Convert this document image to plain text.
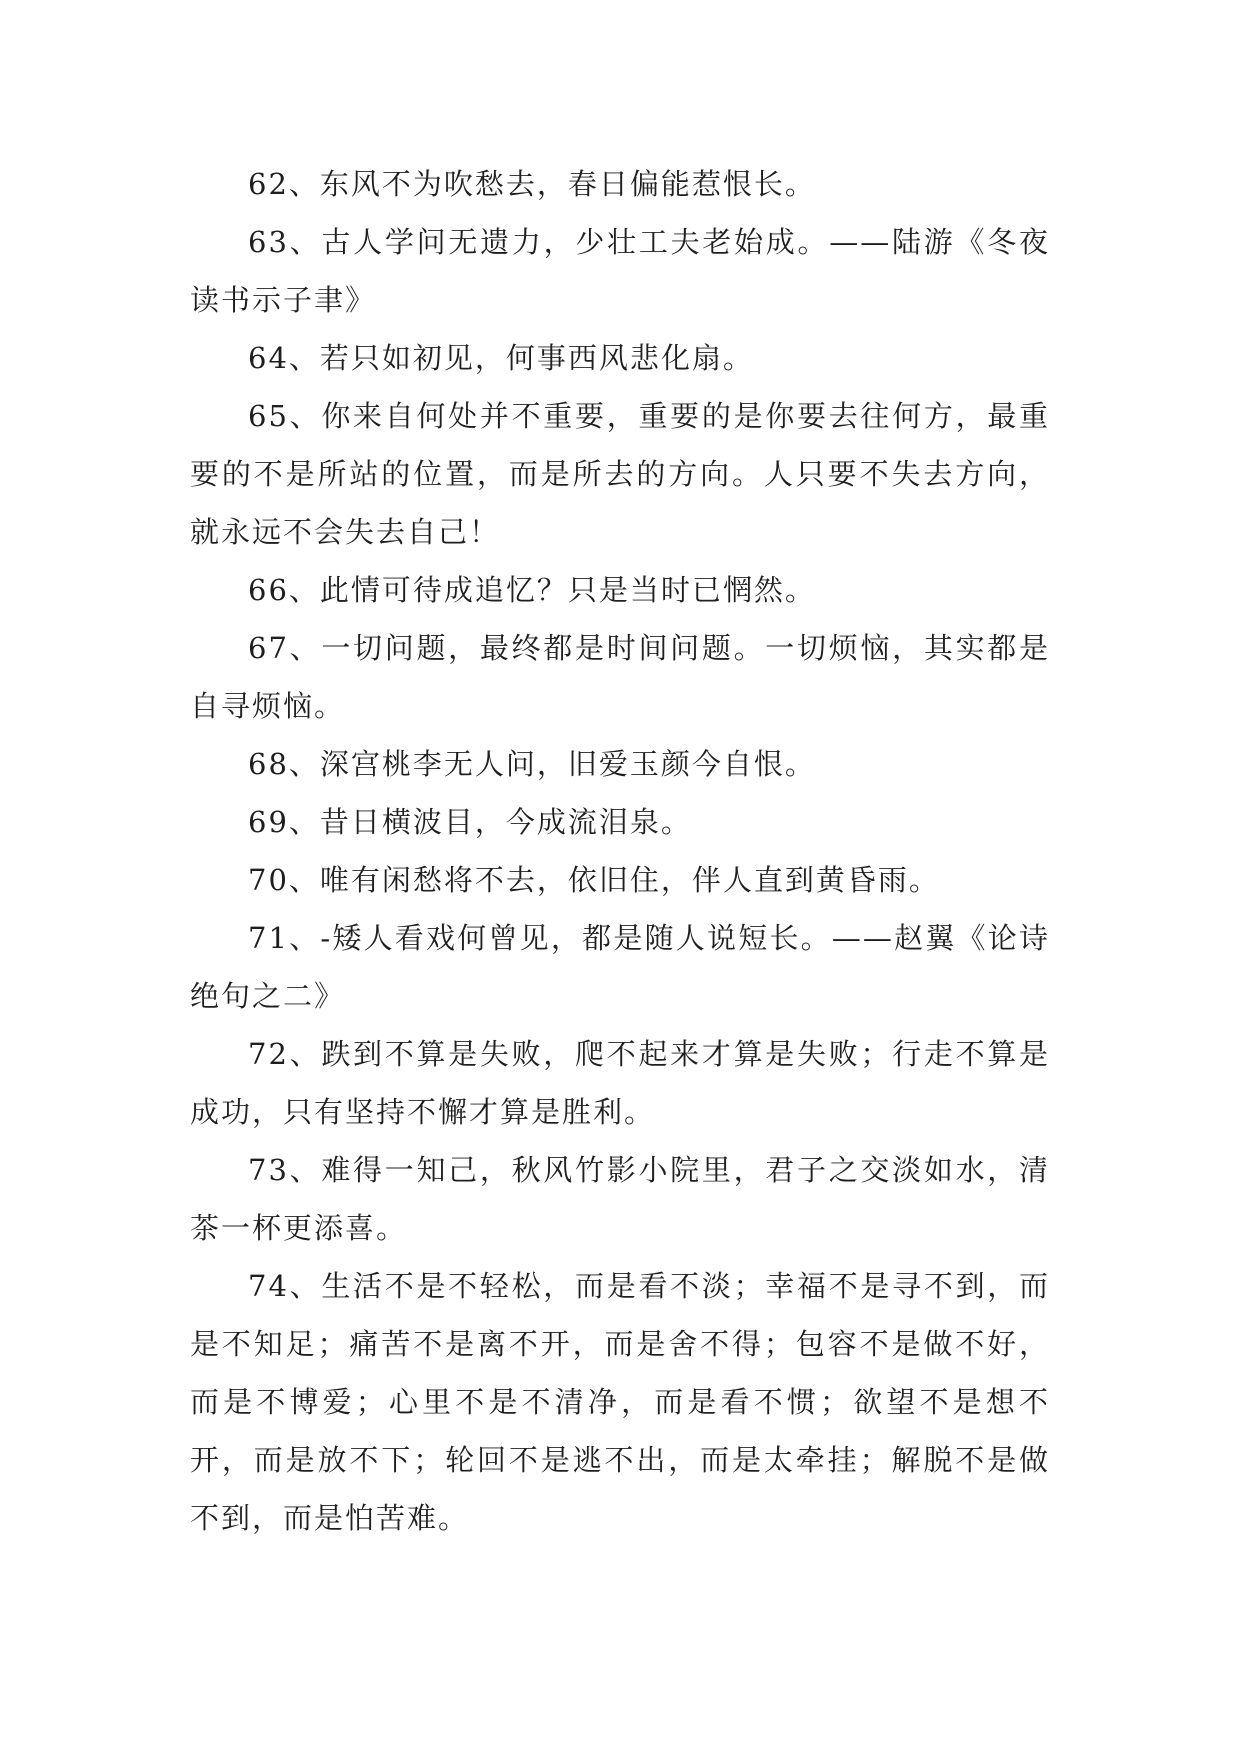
62、东风不为吹愁去，春日偏能惹恨长。

63、古人学问无遗力，少壮工夫老始成。——陆游《冬夜读书示子聿》

64、若只如初见，何事西风悲化扇。

65、你来自何处并不重要，重要的是你要去往何方，最重要的不是所站的位置，而是所去的方向。人只要不失去方向，就永远不会失去自己！

66、此情可待成追忆？只是当时已惘然。

67、一切问题，最终都是时间问题。一切烦恼，其实都是自寻烦恼。

68、深宫桃李无人问，旧爱玉颜今自恨。

69、昔日横波目，今成流泪泉。

70、唯有闲愁将不去，依旧住，伴人直到黄昏雨。

71、-矮人看戏何曾见，都是随人说短长。——赵翼《论诗绝句之二》

72、跌到不算是失败，爬不起来才算是失败；行走不算是成功，只有坚持不懈才算是胜利。

73、难得一知己，秋风竹影小院里，君子之交淡如水，清茶一杯更添喜。

74、生活不是不轻松，而是看不淡；幸福不是寻不到，而是不知足；痛苦不是离不开，而是舍不得；包容不是做不好，而是不博爱；心里不是不清净，而是看不惯；欲望不是想不开，而是放不下；轮回不是逃不出，而是太牵挂；解脱不是做不到，而是怕苦难。
